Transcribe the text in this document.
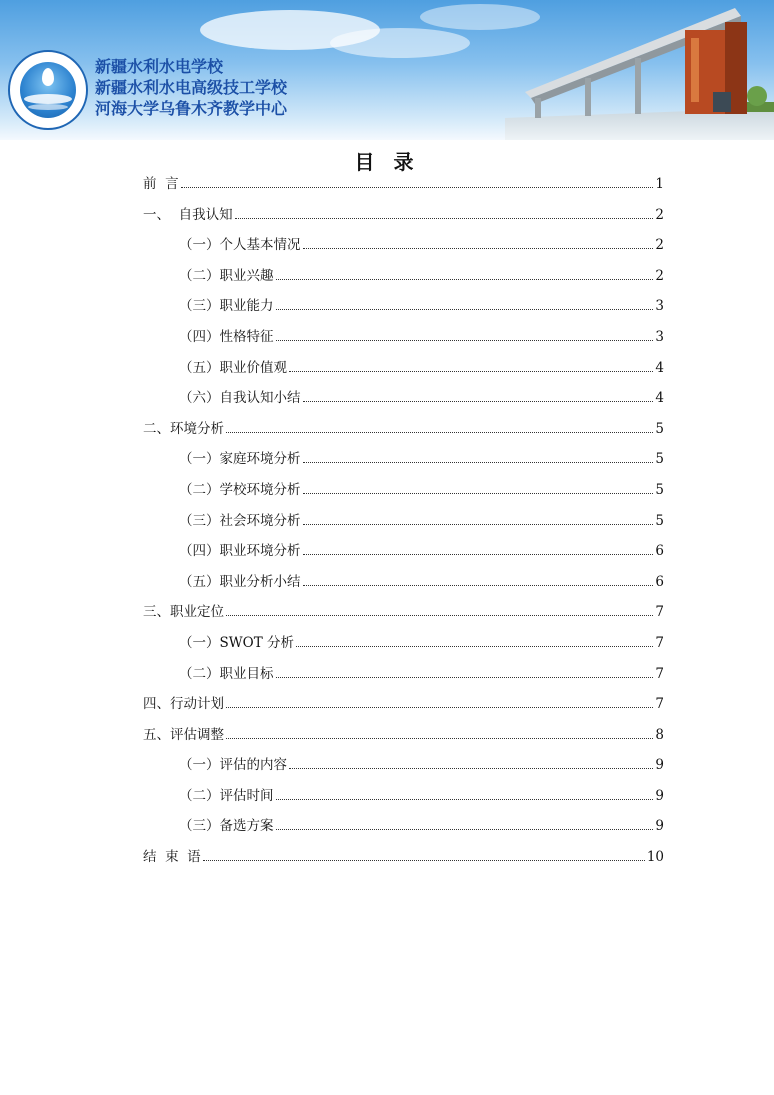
新疆水利水电学校
新疆水利水电高级技工学校
河海大学乌鲁木齐教学中心
目 录
前  言	1
一、  自我认知	2
（一）个人基本情况	2
（二）职业兴趣	2
（三）职业能力	3
（四）性格特征	3
（五）职业价值观	4
（六）自我认知小结	4
二、环境分析	5
（一）家庭环境分析	5
（二）学校环境分析	5
（三）社会环境分析	5
（四）职业环境分析	6
（五）职业分析小结	6
三、职业定位	7
（一）SWOT 分析	7
（二）职业目标	7
四、行动计划	7
五、评估调整	8
（一）评估的内容	9
（二）评估时间	9
（三）备选方案	9
结  束  语	10
